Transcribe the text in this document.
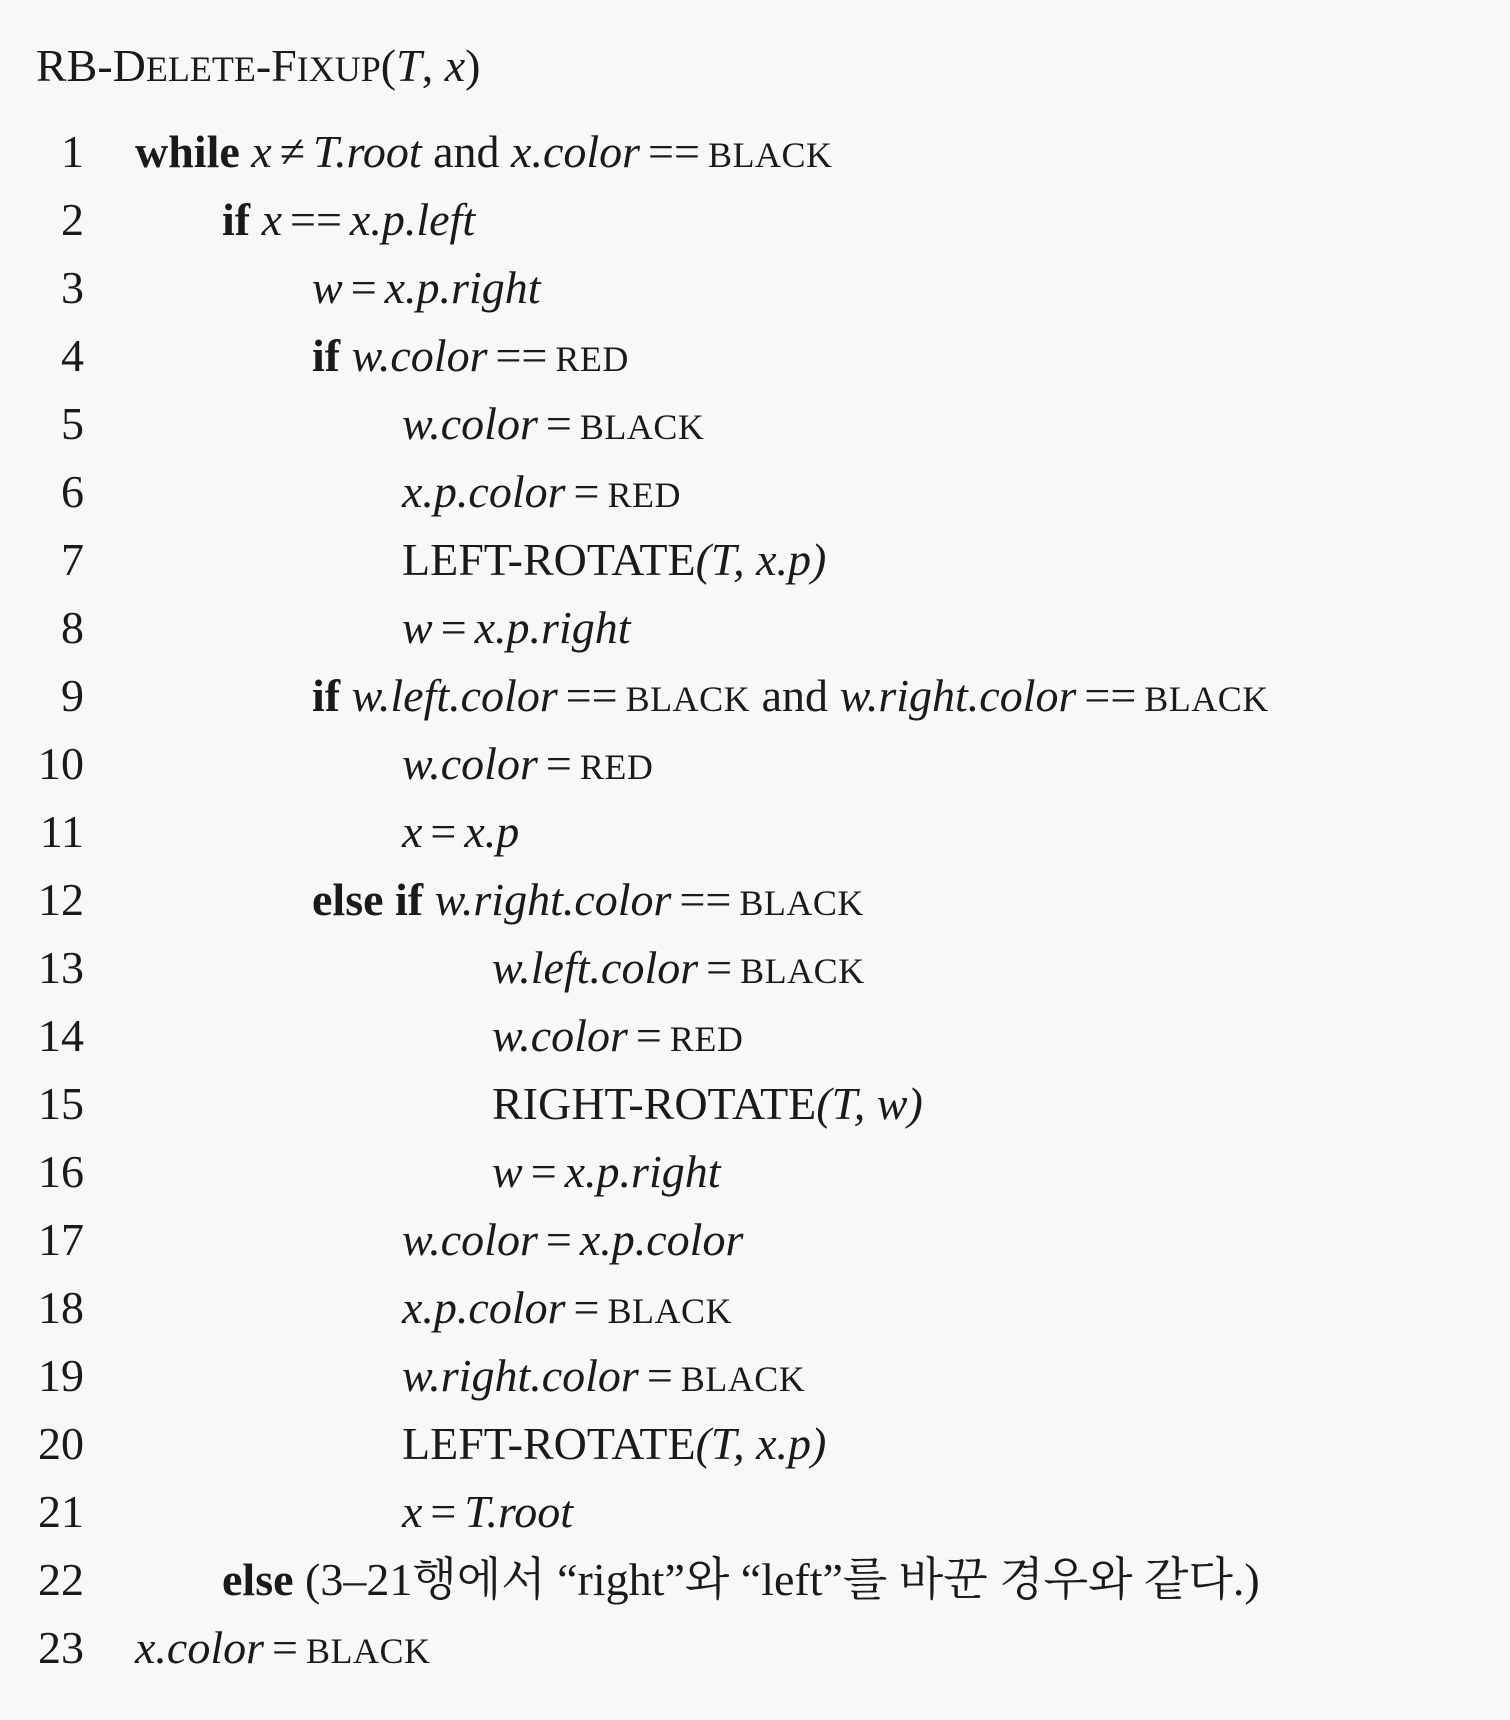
RB-DELETE-FIXUP(T, x)
1 while x ≠ T.root and x.color == BLACK
2	if x == x.p.left
3	w = x.p.right
4	if w.color == RED
5	w.color = BLACK
6	x.p.color = RED
7	LEFT-ROTATE(T, x.p)
8	w = x.p.right
9	if w.left.color == BLACK and w.right.color == BLACK
10	w.color = RED
11	x = x.p
12	else if w.right.color == BLACK
13	w.left.color = BLACK
14	w.color = RED
15	RIGHT-ROTATE(T, w)
16	w = x.p.right
17	w.color = x.p.color
18	x.p.color = BLACK
19	w.right.color = BLACK
20	LEFT-ROTATE(T, x.p)
21	x = T.root
22	else (3–21행에서 “right”와 “left”를 바꾼 경우와 같다.)
23 x.color = BLACK
